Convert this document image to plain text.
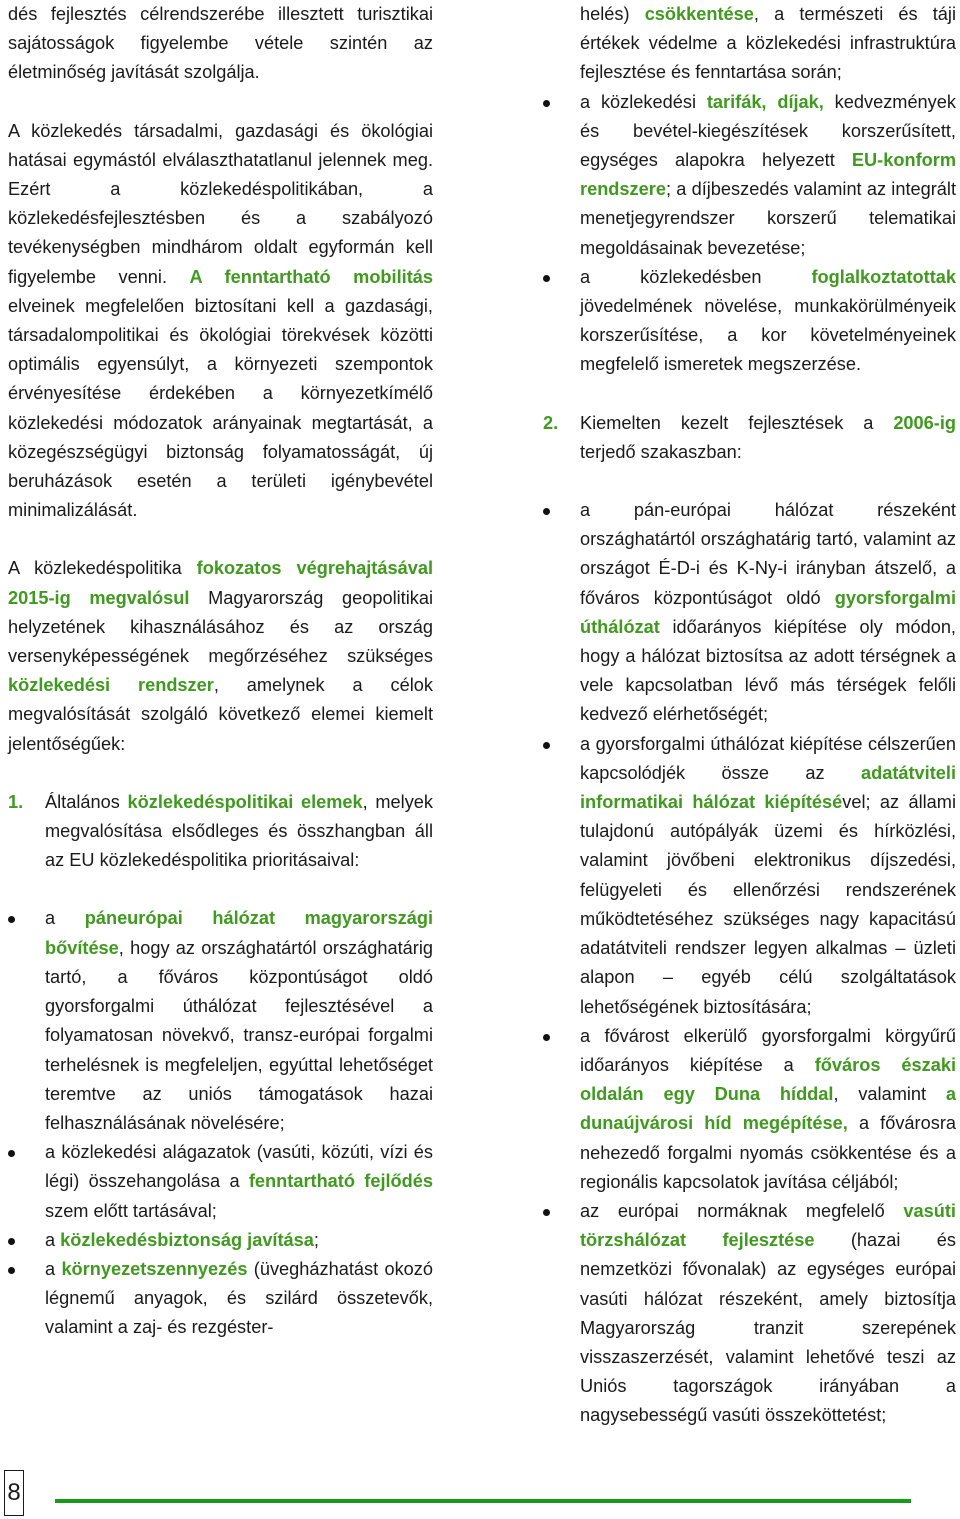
dés fejlesztés célrendszerébe illesztett turisztikai sajátosságok figyelembe vétele szintén az életminőség javítását szolgálja.

A közlekedés társadalmi, gazdasági és ökológiai hatásai egymástól elválaszthatatlanul jelennek meg. Ezért a közlekedéspolitikában, a közlekedésfejlesztésben és a szabályozó tevékenységben mindhárom oldalt egyformán kell figyelembe venni. A fenntartható mobilitás elveinek megfelelően biztosítani kell a gazdasági, társadalompolitikai és ökológiai törekvések közötti optimális egyensúlyt, a környezeti szempontok érvényesítése érdekében a környezetkímélő közlekedési módozatok arányainak megtartását, a közegészségügyi biztonság folyamatosságát, új beruházások esetén a területi igénybevétel minimalizálását.

A közlekedéspolitika fokozatos végrehajtásával 2015-ig megvalósul Magyarország geopolitikai helyzetének kihasználásához és az ország versenyképességének megőrzéséhez szükséges közlekedési rendszer, amelynek a célok megvalósítását szolgáló következő elemei kiemelt jelentőségűek:

1. Általános közlekedéspolitikai elemek, melyek megvalósítása elsődleges és összhangban áll az EU közlekedéspolitika prioritásaival:

a páneurópai hálózat magyarországi bővítése, hogy az országhatártól országhatárig tartó, a főváros központúságot oldó gyorsforgalmi úthálózat fejlesztésével a folyamatosan növekvő, transz-európai forgalmi terhelésnek is megfeleljen, egyúttal lehetőséget teremtve az uniós támogatások hazai felhasználásának növelésére;

a közlekedési alágazatok (vasúti, közúti, vízi és légi) összehangolása a fenntartható fejlődés szem előtt tartásával;

a közlekedésbiztonság javítása;

a környezetszennyezés (üvegházhatást okozó légnemű anyagok, és szilárd összetevők, valamint a zaj- és rezgéster-

helés) csökkentése, a természeti és táji értékek védelme a közlekedési infrastruktúra fejlesztése és fenntartása során;

a közlekedési tarifák, díjak, kedvezmények és bevétel-kiegészítések korszerűsített, egységes alapokra helyezett EU-konform rendszere; a díjbeszedés valamint az integrált menetjegyrendszer korszerű telematikai megoldásainak bevezetése;

a közlekedésben foglalkoztatottak jövedelmének növelése, munkakörülményeik korszerűsítése, a kor követelményeinek megfelelő ismeretek megszerzése.

2. Kiemelten kezelt fejlesztések a 2006-ig terjedő szakaszban:

a pán-európai hálózat részeként országhatártól országhatárig tartó, valamint az országot É-D-i és K-Ny-i irányban átszelő, a főváros központúságot oldó gyorsforgalmi úthálózat időarányos kiépítése oly módon, hogy a hálózat biztosítsa az adott térségnek a vele kapcsolatban lévő más térségek felőli kedvező elérhetőségét;

a gyorsforgalmi úthálózat kiépítése célszerűen kapcsolódjék össze az adatátviteli informatikai hálózat kiépítésével; az állami tulajdonú autópályák üzemi és hírközlési, valamint jövőbeni elektronikus díjszedési, felügyeleti és ellenőrzési rendszerének működtetéséhez szükséges nagy kapacitású adatátviteli rendszer legyen alkalmas – üzleti alapon – egyéb célú szolgáltatások lehetőségének biztosítására;

a fővárost elkerülő gyorsforgalmi körgyűrű időarányos kiépítése a főváros északi oldalán egy Duna híddal, valamint a dunaújvárosi híd megépítése, a fővárosra nehezedő forgalmi nyomás csökkentése és a regionális kapcsolatok javítása céljából;

az európai normáknak megfelelő vasúti törzshálózat fejlesztése (hazai és nemzetközi fővonalak) az egységes európai vasúti hálózat részeként, amely biztosítja Magyarország tranzit szerepének visszaszerzését, valamint lehetővé teszi az Uniós tagországok irányában a nagysebességű vasúti összeköttetést;

8
